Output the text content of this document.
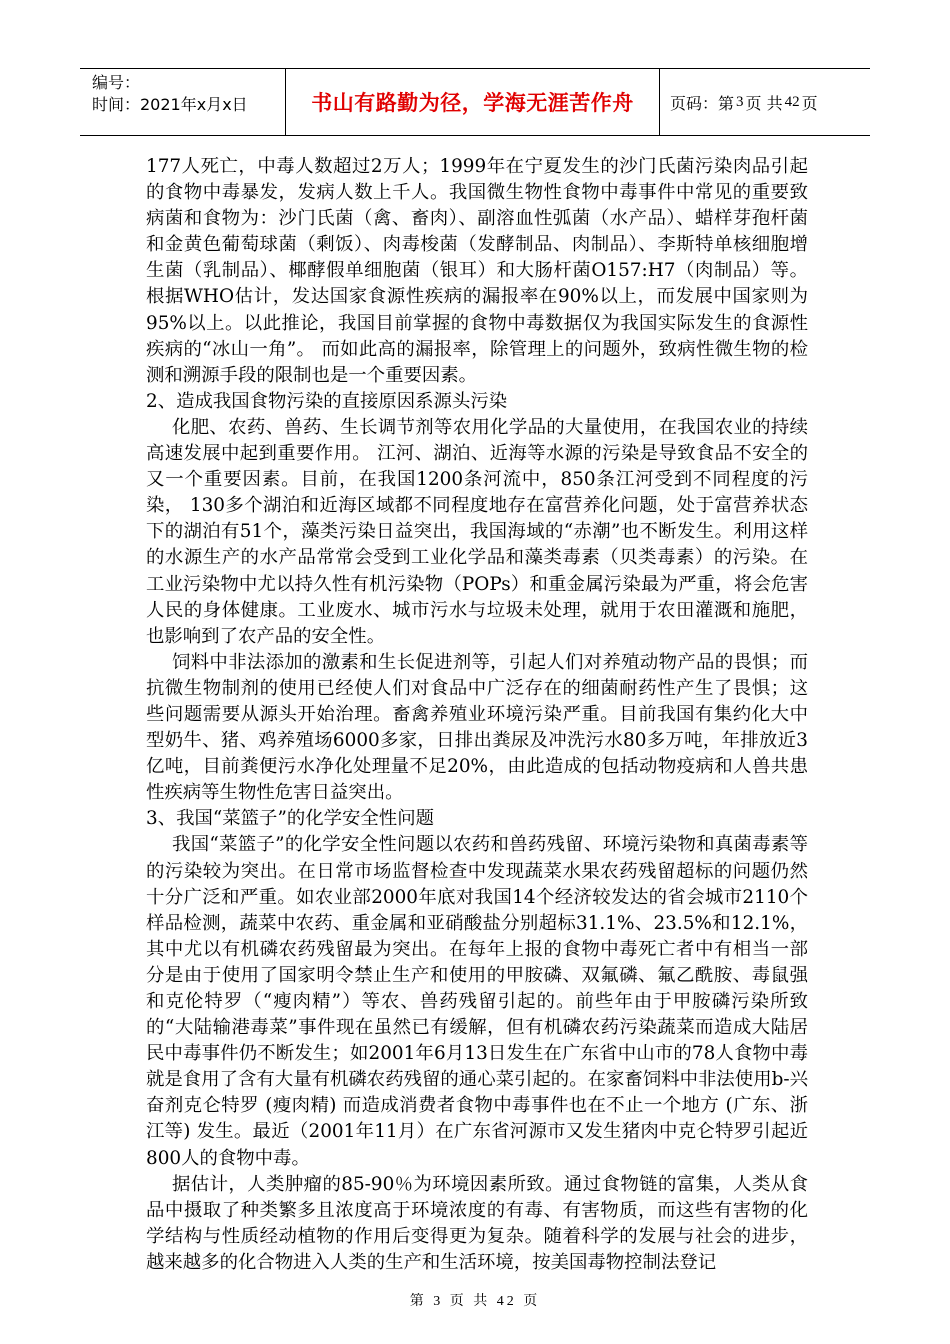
编号：
时间：2021年x月x日	书山有路勤为径，学海无涯苦作舟	页码：第 3 页 共 42 页

177人死亡，中毒人数超过2万人；1999年在宁夏发生的沙门氏菌污染肉品引起的食物中毒暴发，发病人数上千人。我国微生物性食物中毒事件中常见的重要致病菌和食物为：沙门氏菌（禽、畜肉）、副溶血性弧菌（水产品）、蜡样芽孢杆菌和金黄色葡萄球菌（剩饭）、肉毒梭菌（发酵制品、肉制品）、李斯特单核细胞增生菌（乳制品）、椰酵假单细胞菌（银耳）和大肠杆菌O157:H7（肉制品）等。根据WHO估计，发达国家食源性疾病的漏报率在90%以上，而发展中国家则为95%以上。以此推论，我国目前掌握的食物中毒数据仅为我国实际发生的食源性疾病的“冰山一角”。 而如此高的漏报率，除管理上的问题外，致病性微生物的检测和溯源手段的限制也是一个重要因素。

2、造成我国食物污染的直接原因系源头污染

化肥、农药、兽药、生长调节剂等农用化学品的大量使用，在我国农业的持续高速发展中起到重要作用。 江河、湖泊、近海等水源的污染是导致食品不安全的又一个重要因素。目前，在我国1200条河流中，850条江河受到不同程度的污染， 130多个湖泊和近海区域都不同程度地存在富营养化问题，处于富营养状态下的湖泊有51个，藻类污染日益突出，我国海域的“赤潮”也不断发生。利用这样的水源生产的水产品常常会受到工业化学品和藻类毒素（贝类毒素）的污染。在工业污染物中尤以持久性有机污染物（POPs）和重金属污染最为严重，将会危害人民的身体健康。工业废水、城市污水与垃圾未处理，就用于农田灌溉和施肥，也影响到了农产品的安全性。

饲料中非法添加的激素和生长促进剂等，引起人们对养殖动物产品的畏惧；而抗微生物制剂的使用已经使人们对食品中广泛存在的细菌耐药性产生了畏惧；这些问题需要从源头开始治理。畜禽养殖业环境污染严重。目前我国有集约化大中型奶牛、猪、鸡养殖场6000多家，日排出粪尿及冲洗污水80多万吨，年排放近3亿吨，目前粪便污水净化处理量不足20%，由此造成的包括动物疫病和人兽共患性疾病等生物性危害日益突出。

3、我国“菜篮子”的化学安全性问题

我国“菜篮子”的化学安全性问题以农药和兽药残留、环境污染物和真菌毒素等的污染较为突出。在日常市场监督检查中发现蔬菜水果农药残留超标的问题仍然十分广泛和严重。如农业部2000年底对我国14个经济较发达的省会城市2110个样品检测，蔬菜中农药、重金属和亚硝酸盐分别超标31.1%、23.5%和12.1%，其中尤以有机磷农药残留最为突出。在每年上报的食物中毒死亡者中有相当一部分是由于使用了国家明令禁止生产和使用的甲胺磷、双氟磷、氟乙酰胺、毒鼠强和克伦特罗（“瘦肉精”）等农、兽药残留引起的。前些年由于甲胺磷污染所致的“大陆输港毒菜”事件现在虽然已有缓解，但有机磷农药污染蔬菜而造成大陆居民中毒事件仍不断发生；如2001年6月13日发生在广东省中山市的78人食物中毒就是食用了含有大量有机磷农药残留的通心菜引起的。在家畜饲料中非法使用b-兴奋剂克仑特罗 (瘦肉精) 而造成消费者食物中毒事件也在不止一个地方 (广东、浙江等) 发生。最近（2001年11月）在广东省河源市又发生猪肉中克仑特罗引起近800人的食物中毒。

据估计，人类肿瘤的85-90％为环境因素所致。通过食物链的富集，人类从食品中摄取了种类繁多且浓度高于环境浓度的有毒、有害物质，而这些有害物的化学结构与性质经动植物的作用后变得更为复杂。随着科学的发展与社会的进步，越来越多的化合物进入人类的生产和生活环境，按美国毒物控制法登记

第 3 页 共 42 页
